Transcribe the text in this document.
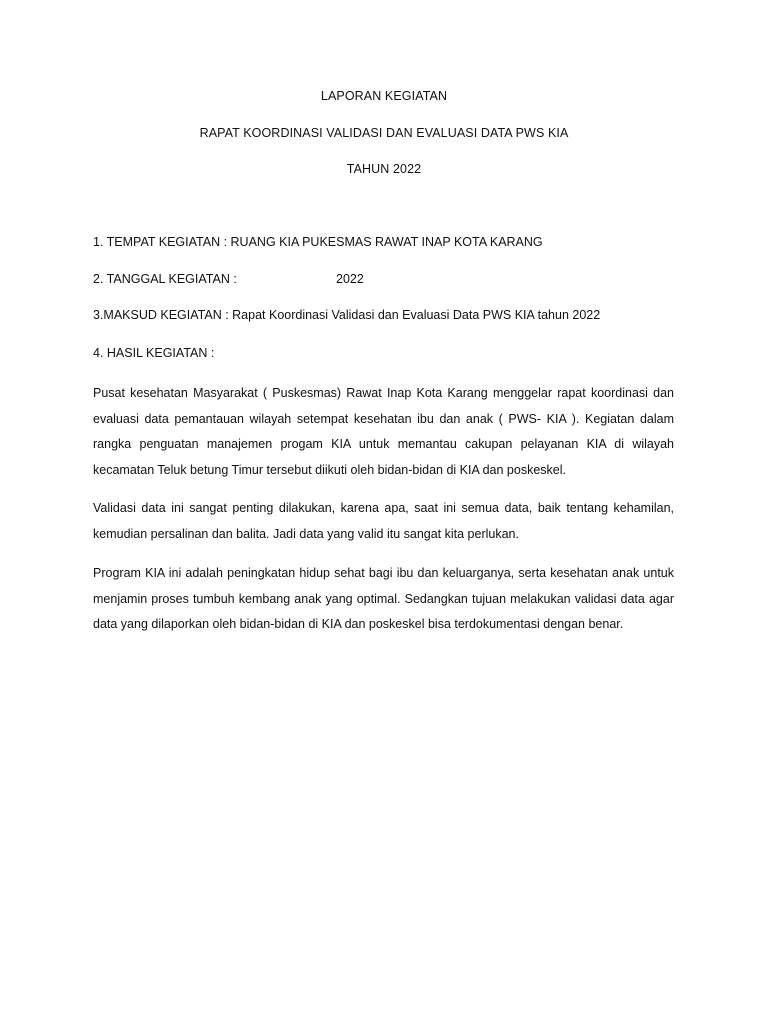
LAPORAN KEGIATAN
RAPAT KOORDINASI VALIDASI DAN EVALUASI DATA PWS KIA
TAHUN 2022
1. TEMPAT KEGIATAN : RUANG KIA PUKESMAS RAWAT INAP KOTA KARANG
2. TANGGAL KEGIATAN :	2022
3.MAKSUD KEGIATAN : Rapat Koordinasi Validasi dan Evaluasi Data PWS KIA tahun 2022
4. HASIL KEGIATAN :

Pusat kesehatan Masyarakat ( Puskesmas) Rawat Inap Kota Karang menggelar rapat koordinasi dan evaluasi data pemantauan wilayah setempat kesehatan ibu dan anak ( PWS- KIA ). Kegiatan dalam rangka penguatan manajemen progam KIA untuk memantau cakupan pelayanan KIA di wilayah kecamatan Teluk betung Timur tersebut diikuti oleh bidan-bidan di KIA dan poskeskel.

Validasi data ini sangat penting dilakukan, karena apa, saat ini semua data, baik tentang kehamilan, kemudian persalinan dan balita. Jadi data yang valid itu sangat kita perlukan.

Program KIA ini adalah peningkatan hidup sehat bagi ibu dan keluarganya, serta kesehatan anak untuk menjamin proses tumbuh kembang anak yang optimal. Sedangkan tujuan melakukan validasi data agar data yang dilaporkan oleh bidan-bidan di KIA dan poskeskel bisa terdokumentasi dengan benar.
